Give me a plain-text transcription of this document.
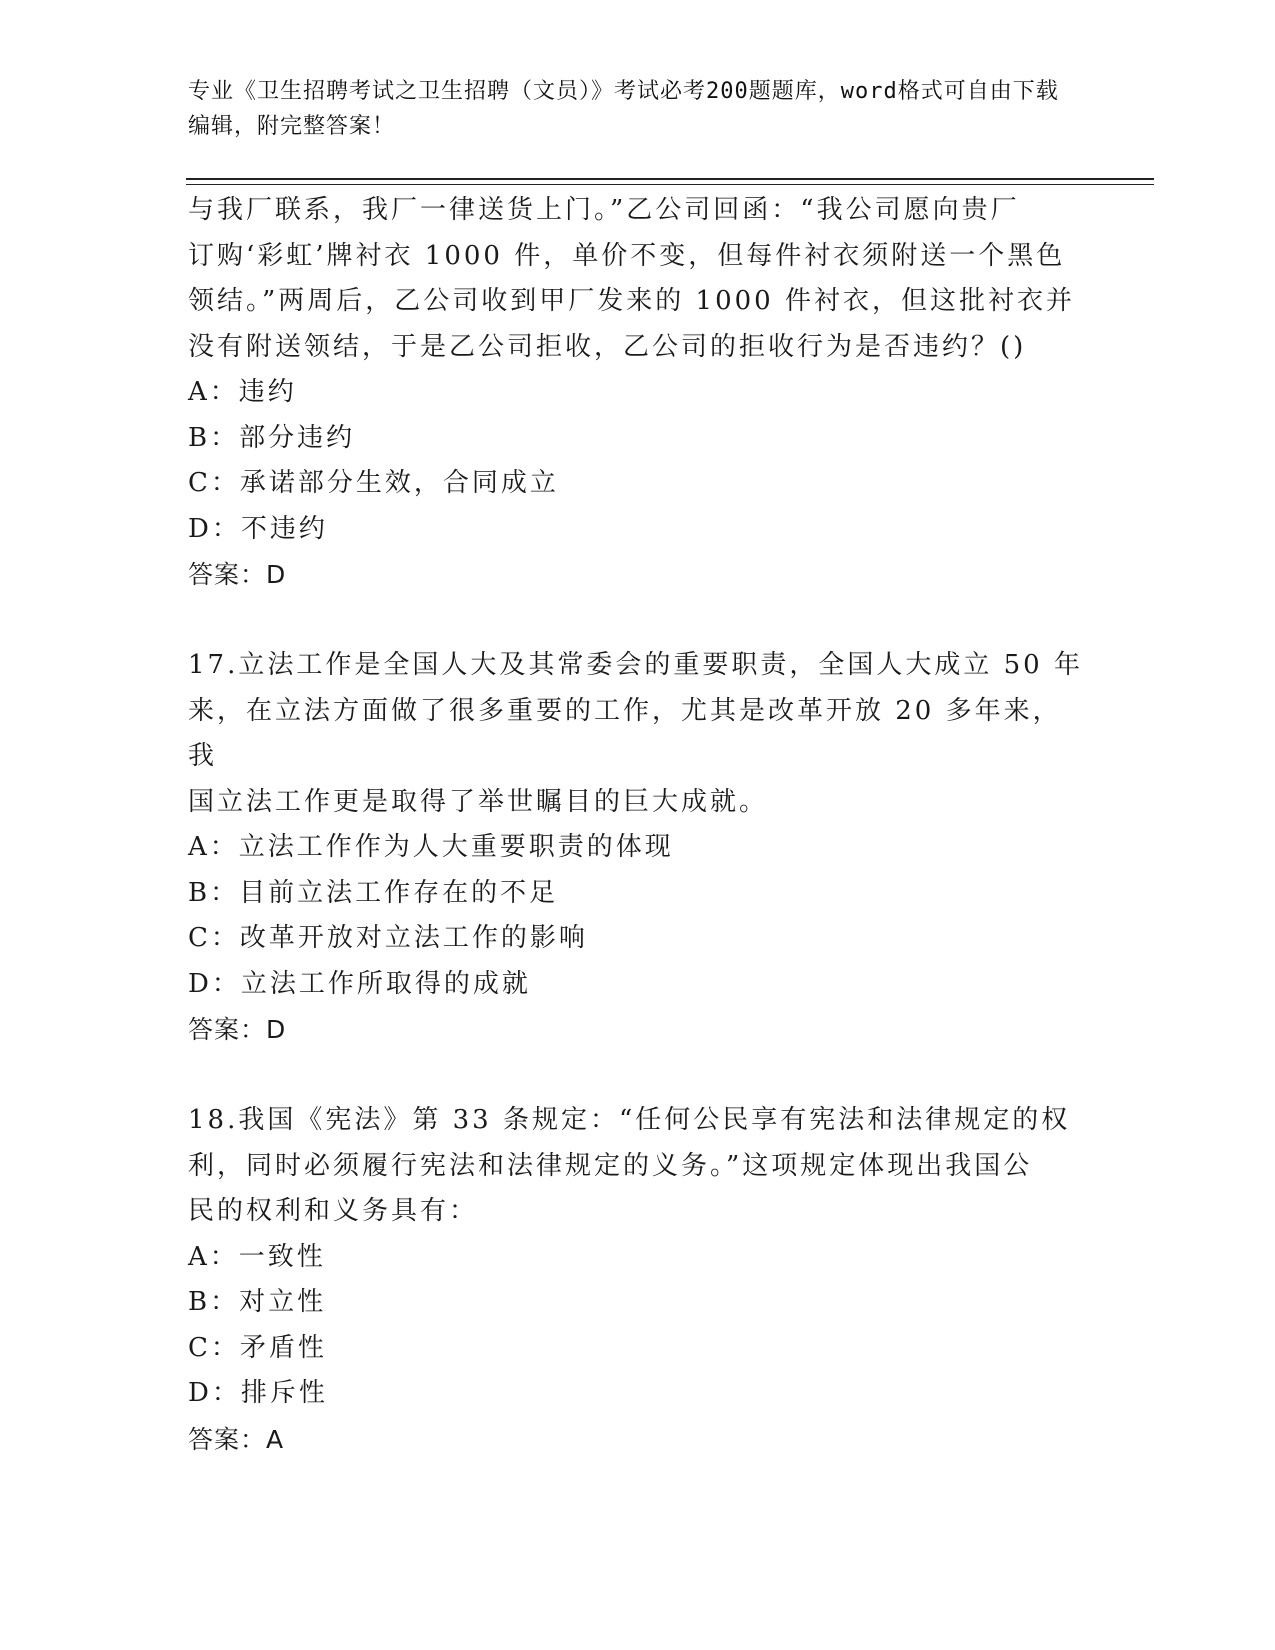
专业《卫生招聘考试之卫生招聘（文员）》考试必考200题题库，word格式可自由下载编辑，附完整答案！

与我厂联系，我厂一律送货上门。”乙公司回函：“我公司愿向贵厂

订购‘彩虹’牌衬衣 1000 件，单价不变，但每件衬衣须附送一个黑色

领结。”两周后，乙公司收到甲厂发来的 1000 件衬衣，但这批衬衣并

没有附送领结，于是乙公司拒收，乙公司的拒收行为是否违约？()

A：违约

B：部分违约

C：承诺部分生效，合同成立

D：不违约

答案：D

17.立法工作是全国人大及其常委会的重要职责，全国人大成立 50 年

来，在立法方面做了很多重要的工作，尤其是改革开放 20 多年来，我

国立法工作更是取得了举世瞩目的巨大成就。

A：立法工作作为人大重要职责的体现

B：目前立法工作存在的不足

C：改革开放对立法工作的影响

D：立法工作所取得的成就

答案：D

18.我国《宪法》第 33 条规定：“任何公民享有宪法和法律规定的权

利，同时必须履行宪法和法律规定的义务。”这项规定体现出我国公

民的权利和义务具有：

A：一致性

B：对立性

C：矛盾性

D：排斥性

答案：A
